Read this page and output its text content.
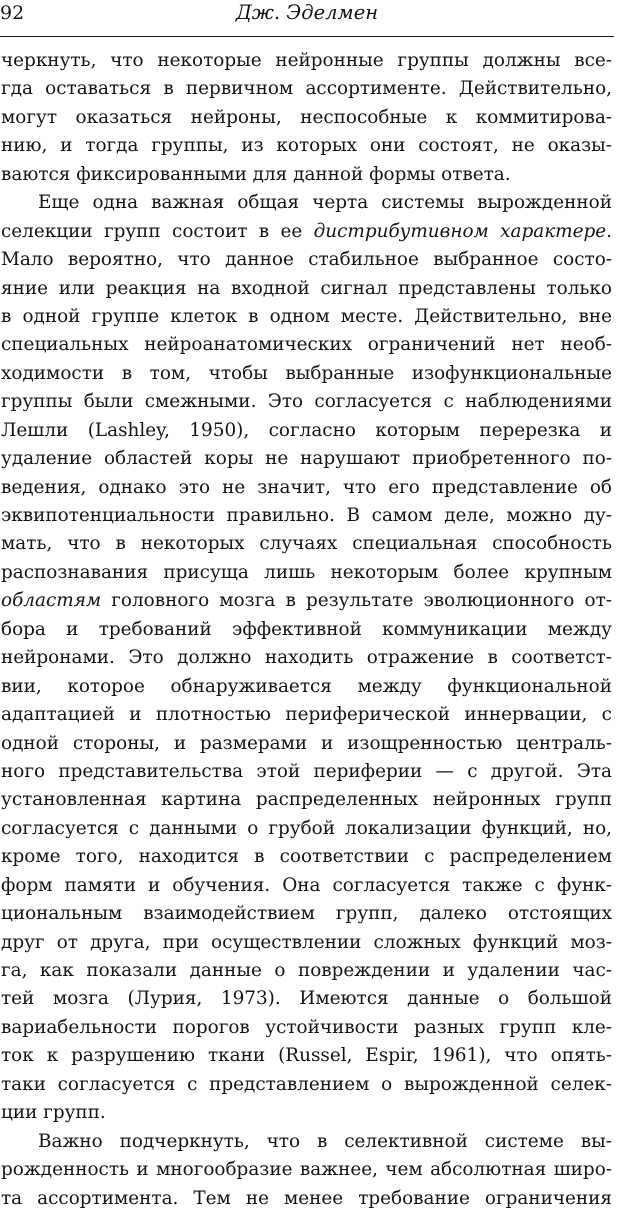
92	Дж. Эделмен
черкнуть, что некоторые нейронные группы должны все-
гда оставаться в первичном ассортименте. Действительно,
могут оказаться нейроны, неспособные к коммитирова-
нию, и тогда группы, из которых они состоят, не оказы-
ваются фиксированными для данной формы ответа.
Еще одна важная общая черта системы вырожденной
селекции групп состоит в ее дистрибутивном характере.
Мало вероятно, что данное стабильное выбранное состо-
яние или реакция на входной сигнал представлены только
в одной группе клеток в одном месте. Действительно, вне
специальных нейроанатомических ограничений нет необ-
ходимости в том, чтобы выбранные изофункциональные
группы были смежными. Это согласуется с наблюдениями
Лешли (Lashley, 1950), согласно которым перерезка и
удаление областей коры не нарушают приобретенного по-
ведения, однако это не значит, что его представление об
эквипотенциальности правильно. В самом деле, можно ду-
мать, что в некоторых случаях специальная способность
распознавания присуща лишь некоторым более крупным
областям головного мозга в результате эволюционного от-
бора и требований эффективной коммуникации между
нейронами. Это должно находить отражение в соответст-
вии, которое обнаруживается между функциональной
адаптацией и плотностью периферической иннервации, с
одной стороны, и размерами и изощренностью централь-
ного представительства этой периферии — с другой. Эта
установленная картина распределенных нейронных групп
согласуется с данными о грубой локализации функций, но,
кроме того, находится в соответствии с распределением
форм памяти и обучения. Она согласуется также с функ-
циональным взаимодействием групп, далеко отстоящих
друг от друга, при осуществлении сложных функций моз-
га, как показали данные о повреждении и удалении час-
тей мозга (Лурия, 1973). Имеются данные о большой
вариабельности порогов устойчивости разных групп кле-
ток к разрушению ткани (Russel, Espir, 1961), что опять-
таки согласуется с представлением о вырожденной селек-
ции групп.
Важно подчеркнуть, что в селективной системе вы-
рожденность и многообразие важнее, чем абсолютная широ-
та ассортимента. Тем не менее требование ограничения
